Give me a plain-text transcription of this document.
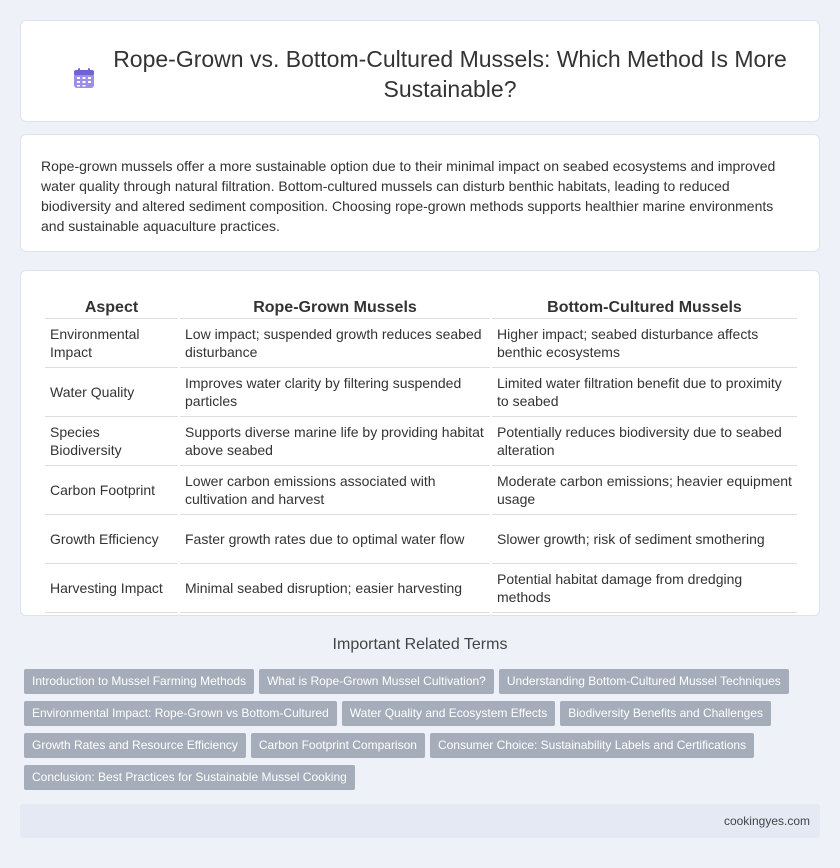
Rope-Grown vs. Bottom-Cultured Mussels: Which Method Is More Sustainable?

Rope-grown mussels offer a more sustainable option due to their minimal impact on seabed ecosystems and improved water quality through natural filtration. Bottom-cultured mussels can disturb benthic habitats, leading to reduced biodiversity and altered sediment composition. Choosing rope-grown methods supports healthier marine environments and sustainable aquaculture practices.

Aspect	Rope-Grown Mussels	Bottom-Cultured Mussels
Environmental Impact	Low impact; suspended growth reduces seabed disturbance	Higher impact; seabed disturbance affects benthic ecosystems
Water Quality	Improves water clarity by filtering suspended particles	Limited water filtration benefit due to proximity to seabed
Species Biodiversity	Supports diverse marine life by providing habitat above seabed	Potentially reduces biodiversity due to seabed alteration
Carbon Footprint	Lower carbon emissions associated with cultivation and harvest	Moderate carbon emissions; heavier equipment usage
Growth Efficiency	Faster growth rates due to optimal water flow	Slower growth; risk of sediment smothering
Harvesting Impact	Minimal seabed disruption; easier harvesting	Potential habitat damage from dredging methods
Important Related Terms
Introduction to Mussel Farming Methods What is Rope-Grown Mussel Cultivation? Understanding Bottom-Cultured Mussel TechniquesEnvironmental Impact: Rope-Grown vs Bottom-Cultured Water Quality and Ecosystem Effects Biodiversity Benefits and ChallengesGrowth Rates and Resource Efficiency Carbon Footprint Comparison Consumer Choice: Sustainability Labels and CertificationsConclusion: Best Practices for Sustainable Mussel Cooking
cookingyes.com
